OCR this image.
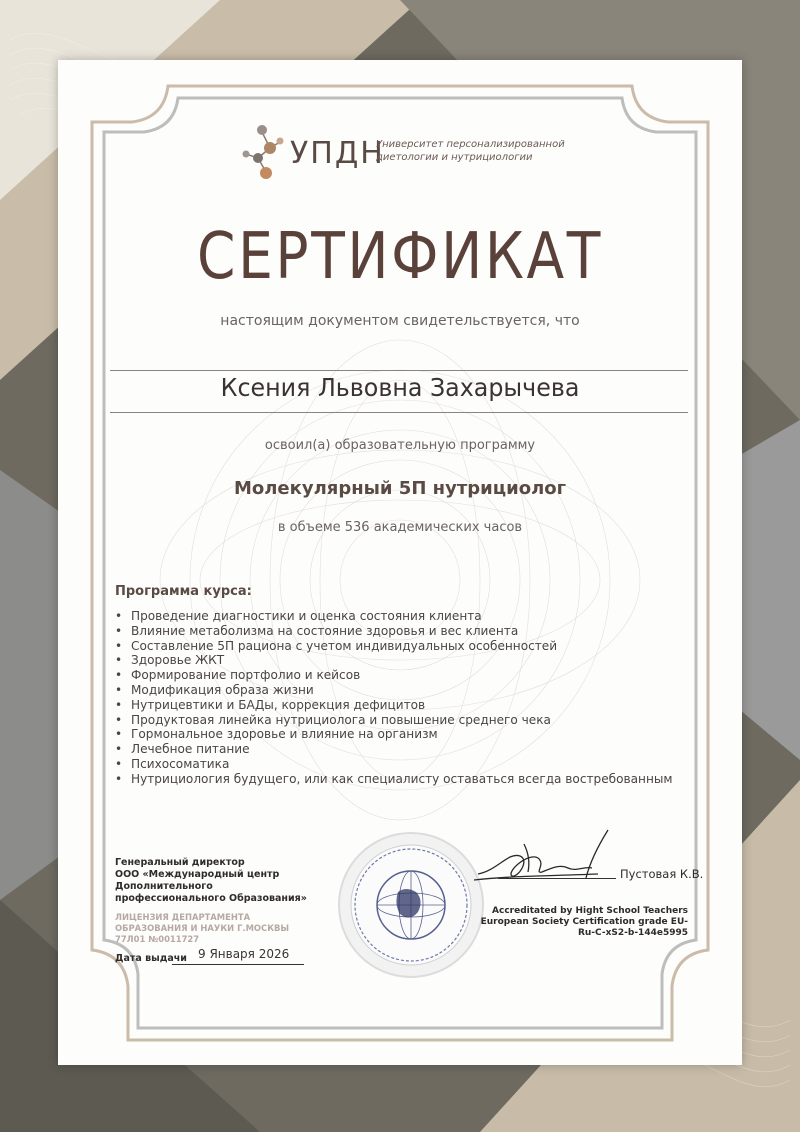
УПДН
Университет персонализированной диетологии и нутрициологии
СЕРТИФИКАТ
настоящим документом свидетельствуется, что
Ксения Львовна Захарычева
освоил(а) образовательную программу
Молекулярный 5П нутрициолог
в объеме 536 академических часов
Программа курса:
• Проведение диагностики и оценка состояния клиента
• Влияние метаболизма на состояние здоровья и вес клиента
• Составление 5П рациона с учетом индивидуальных особенностей
• Здоровье ЖКТ
• Формирование портфолио и кейсов
• Модификация образа жизни
• Нутрицевтики и БАДы, коррекция дефицитов
• Продуктовая линейка нутрициолога и повышение среднего чека
• Гормональное здоровье и влияние на организм
• Лечебное питание
• Психосоматика
• Нутрициология будущего, или как специалисту оставаться всегда востребованным
Генеральный директор
ООО «Международный центр Дополнительного профессионального Образования»
ЛИЦЕНЗИЯ ДЕПАРТАМЕНТА ОБРАЗОВАНИЯ И НАУКИ Г.МОСКВЫ 77Л01 №0011727
Дата выдачи 9 Января 2026
Пустовая К.В.
Accreditated by Hight School Teachers European Society Certification grade EU-Ru-C-xS2-b-144e5995
